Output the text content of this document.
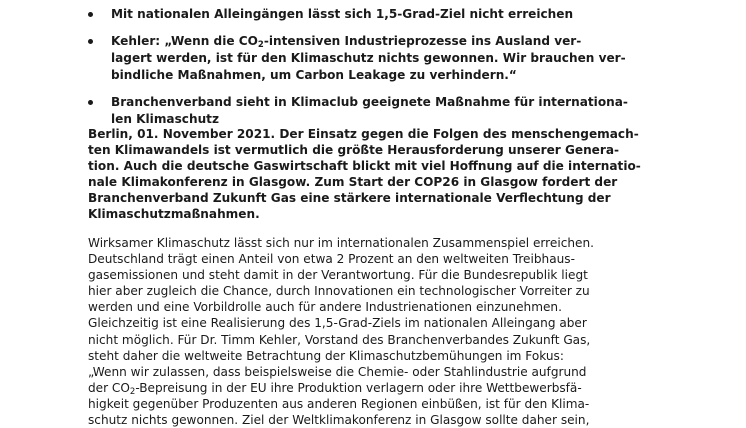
Mit nationalen Alleingängen lässt sich 1,5-Grad-Ziel nicht erreichen
Kehler: „Wenn die $CO_2$-intensiven Industrieprozesse ins Ausland ver-
lagert werden, ist für den Klimaschutz nichts gewonnen. Wir brauchen ver-
bindliche Maßnahmen, um Carbon Leakage zu verhindern.“
Branchenverband sieht in Klimaclub geeignete Maßnahme für internationa-
len Klimaschutz
Berlin, 01. November 2021. Der Einsatz gegen die Folgen des menschengemach-
ten Klimawandels ist vermutlich die größte Herausforderung unserer Genera-
tion. Auch die deutsche Gaswirtschaft blickt mit viel Hoffnung auf die internatio-
nale Klimakonferenz in Glasgow. Zum Start der COP26 in Glasgow fordert der
Branchenverband Zukunft Gas eine stärkere internationale Verflechtung der
Klimaschutzmaßnahmen.
Wirksamer Klimaschutz lässt sich nur im internationalen Zusammenspiel erreichen.
Deutschland trägt einen Anteil von etwa 2 Prozent an den weltweiten Treibhaus-
gasemissionen und steht damit in der Verantwortung. Für die Bundesrepublik liegt
hier aber zugleich die Chance, durch Innovationen ein technologischer Vorreiter zu
werden und eine Vorbildrolle auch für andere Industrienationen einzunehmen.
Gleichzeitig ist eine Realisierung des 1,5-Grad-Ziels im nationalen Alleingang aber
nicht möglich. Für Dr. Timm Kehler, Vorstand des Branchenverbandes Zukunft Gas,
steht daher die weltweite Betrachtung der Klimaschutzbemühungen im Fokus:
„Wenn wir zulassen, dass beispielsweise die Chemie- oder Stahlindustrie aufgrund
der $CO_2$-Bepreisung in der EU ihre Produktion verlagern oder ihre Wettbewerbsfä-
higkeit gegenüber Produzenten aus anderen Regionen einbüßen, ist für den Klima-
schutz nichts gewonnen. Ziel der Weltklimakonferenz in Glasgow sollte daher sein,
